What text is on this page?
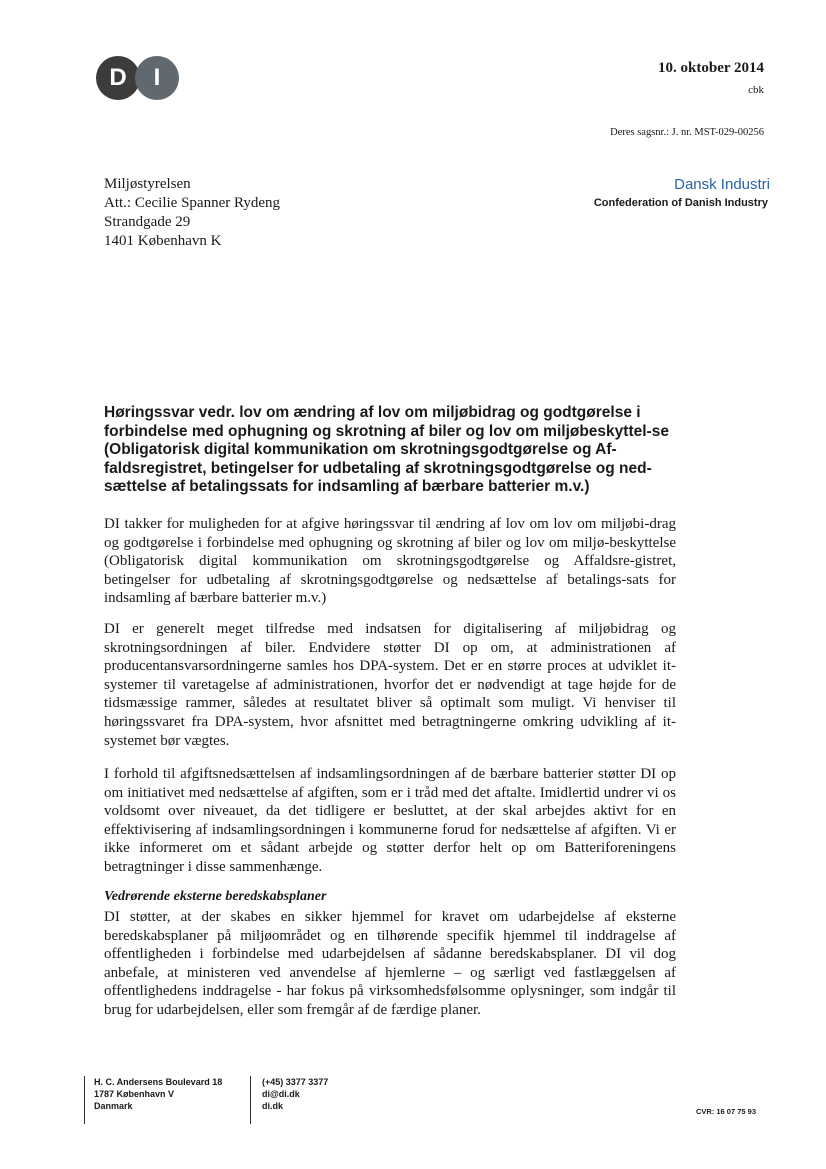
D	I	10. oktober 2014
cbk
Deres sagsnr.: J. nr. MST-029-00256
Miljøstyrelsen
Att.: Cecilie Spanner Rydeng
Strandgade 29
1401 København K
Dansk Industri
Confederation of Danish Industry
Høringssvar vedr. lov om ændring af lov om miljøbidrag og godtgørelse i forbindelse med ophugning og skrotning af biler og lov om miljøbeskyttel-se (Obligatorisk digital kommunikation om skrotningsgodtgørelse og Af-faldsregistret, betingelser for udbetaling af skrotningsgodtgørelse og ned-sættelse af betalingssats for indsamling af bærbare batterier m.v.)
DI takker for muligheden for at afgive høringssvar til ændring af lov om lov om miljøbi-drag og godtgørelse i forbindelse med ophugning og skrotning af biler og lov om miljø-beskyttelse (Obligatorisk digital kommunikation om skrotningsgodtgørelse og Affaldsre-gistret, betingelser for udbetaling af skrotningsgodtgørelse og nedsættelse af betalings-sats for indsamling af bærbare batterier m.v.)
DI er generelt meget tilfredse med indsatsen for digitalisering af miljøbidrag og skrotningsordningen af biler. Endvidere støtter DI op om, at administrationen af producentansvarsordningerne samles hos DPA-system. Det er en større proces at udviklet it-systemer til varetagelse af administrationen, hvorfor det er nødvendigt at tage højde for de tidsmæssige rammer, således at resultatet bliver så optimalt som muligt. Vi henviser til høringssvaret fra DPA-system, hvor afsnittet med betragtningerne omkring udvikling af it-systemet bør vægtes.
I forhold til afgiftsnedsættelsen af indsamlingsordningen af de bærbare batterier støtter DI op om initiativet med nedsættelse af afgiften, som er i tråd med det aftalte. Imidlertid undrer vi os voldsomt over niveauet, da det tidligere er besluttet, at der skal arbejdes aktivt for en effektivisering af indsamlingsordningen i kommunerne forud for nedsættelse af afgiften. Vi er ikke informeret om et sådant arbejde og støtter derfor helt op om Batteriforeningens betragtninger i disse sammenhænge.
Vedrørende eksterne beredskabsplaner
DI støtter, at der skabes en sikker hjemmel for kravet om udarbejdelse af eksterne beredskabsplaner på miljøområdet og en tilhørende specifik hjemmel til inddragelse af offentligheden i forbindelse med udarbejdelsen af sådanne beredskabsplaner. DI vil dog anbefale, at ministeren ved anvendelse af hjemlerne – og særligt ved fastlæggelsen af offentlighedens inddragelse - har fokus på virksomhedsfølsomme oplysninger, som indgår til brug for udarbejdelsen, eller som fremgår af de færdige planer.
H. C. Andersens Boulevard 18
1787 København V
Danmark
(+45) 3377 3377
di@di.dk
di.dk
CVR: 16 07 75 93
